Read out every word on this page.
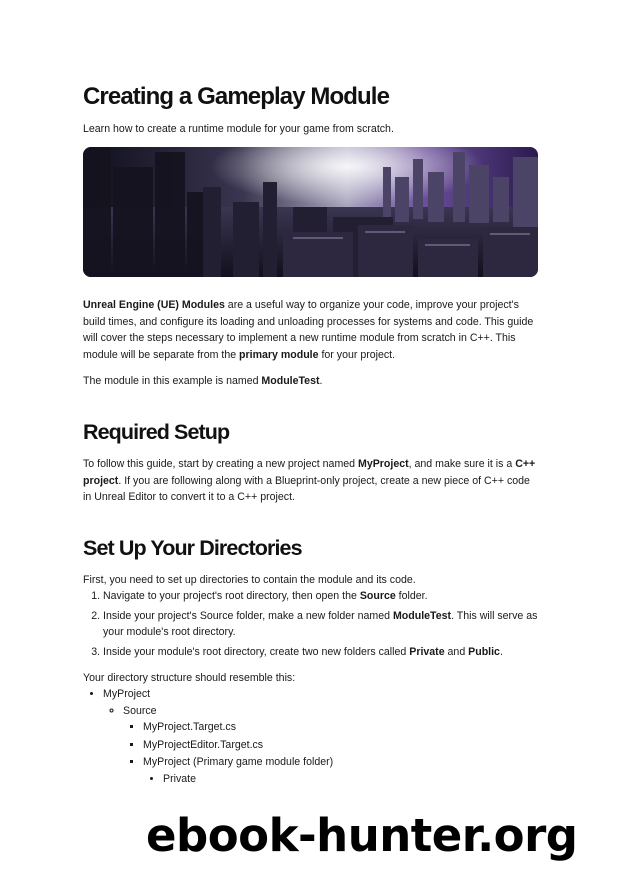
Creating a Gameplay Module

Learn how to create a runtime module for your game from scratch.

Unreal Engine (UE) Modules are a useful way to organize your code, improve your project's build times, and configure its loading and unloading processes for systems and code. This guide will cover the steps necessary to implement a new runtime module from scratch in C++. This module will be separate from the primary module for your project.

The module in this example is named ModuleTest.

Required Setup

To follow this guide, start by creating a new project named MyProject, and make sure it is a C++ project. If you are following along with a Blueprint-only project, create a new piece of C++ code in Unreal Editor to convert it to a C++ project.

Set Up Your Directories

First, you need to set up directories to contain the module and its code.

1. Navigate to your project's root directory, then open the Source folder.
2. Inside your project's Source folder, make a new folder named ModuleTest. This will serve as your module's root directory.
3. Inside your module's root directory, create two new folders called Private and Public.

Your directory structure should resemble this:

• MyProject
◦ Source
▪ MyProject.Target.cs
▪ MyProjectEditor.Target.cs
▪ MyProject (Primary game module folder)
• Private
ebook-hunter.org
